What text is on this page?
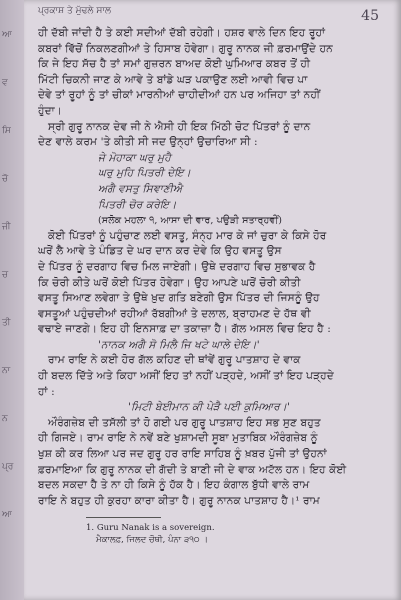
ਆ
ਵ
ਸਿ
ਚੋ
ਜੀ
ਚ
ਤੀ
ਨਾ
ਨ
ਪ੍ਰ
ਆ
ਪ੍ਰਕਾਸ਼ ਤੇ ਮੁੱਢਲੇ ਸਾਲ	45
ਹੀ ਦੱਬੀ ਜਾਂਦੀ ਹੈ ਤੇ ਕਈ ਸਦੀਆਂ ਦੱਬੀ ਰਹੇਗੀ। ਹਸ਼ਰ ਵਾਲੇ ਦਿਨ ਇਹ ਰੂਹਾਂ
ਕਬਰਾਂ ਵਿੱਚੋਂ ਨਿਕਲਣਗੀਆਂ ਤੇ ਹਿਸਾਬ ਹੋਵੇਗਾ। ਗੁਰੂ ਨਾਨਕ ਜੀ ਫ਼ਰਮਾਉਂਦੇ ਹਨ
ਕਿ ਜੇ ਇਹ ਸੱਚ ਹੈ ਤਾਂ ਸਮਾਂ ਗੁਜ਼ਰਨ ਬਾਅਦ ਕੋਈ ਘੁਮਿਆਰ ਕਬਰ ਤੋਂ ਹੀ
ਮਿੱਟੀ ਚਿਕਨੀ ਜਾਣ ਕੇ ਆਵੇ ਤੇ ਬਾਂਡੇ ਘੜ ਪਕਾਉਣ ਲਈ ਆਵੀ ਵਿਚ ਪਾ
ਦੇਵੇ ਤਾਂ ਰੂਹਾਂ ਨੂੰ ਤਾਂ ਚੀਕਾਂ ਮਾਰਨੀਆਂ ਚਾਹੀਦੀਆਂ ਹਨ ਪਰ ਅਜਿਹਾ ਤਾਂ ਨਹੀਂ
ਹੁੰਦਾ।
ਸ੍ਰੀ ਗੁਰੂ ਨਾਨਕ ਦੇਵ ਜੀ ਨੇ ਐਸੀ ਹੀ ਇਕ ਮਿੱਠੀ ਚੋਟ ਪਿੱਤਰਾਂ ਨੂੰ ਦਾਨ
ਦੇਣ ਵਾਲੇ ਕਰਮ 'ਤੇ ਕੀਤੀ ਸੀ ਜਦ ਉਨ੍ਹਾਂ ਉਚਾਰਿਆ ਸੀ :
ਜੇ ਮੋਹਾਕਾ ਘਰੁ ਮੁਹੈ
ਘਰੁ ਮੁਹਿ ਪਿਤਰੀ ਦੇਇ।
ਅਗੈ ਵਸਤੁ ਸਿਞਾਣੀਐ
ਪਿਤਰੀ ਚੋਰ ਕਰੇਇ।
(ਸਲੋਕ ਮਹਲਾ ੧, ਆਸਾ ਦੀ ਵਾਰ, ਪਉੜੀ ਸਤਾਰ੍ਹਵੀਂ)
ਕੋਈ ਪਿੱਤਰਾਂ ਨੂੰ ਪਹੁੰਚਾਣ ਲਈ ਵਸਤੂ, ਸੰਨ੍ਹ ਮਾਰ ਕੇ ਜਾਂ ਚੁਰਾ ਕੇ ਕਿਸੇ ਹੋਰ
ਘਰੋਂ ਲੈ ਆਵੇ ਤੇ ਪੰਡਿਤ ਦੇ ਘਰ ਦਾਨ ਕਰ ਦੇਵੇ ਕਿ ਉਹ ਵਸਤੂ ਉਸ
ਦੇ ਪਿੱਤਰ ਨੂੰ ਦਰਗਾਹ ਵਿਚ ਮਿਲ ਜਾਏਗੀ। ਉਥੇ ਦਰਗਾਹ ਵਿਚ ਸੁਭਾਵਕ ਹੈ
ਕਿ ਚੋਰੀ ਕੀਤੇ ਘਰੋਂ ਕੋਈ ਪਿੱਤਰ ਹੋਵੇਗਾ। ਉਹ ਆਪਣੇ ਘਰੋਂ ਚੋਰੀ ਕੀਤੀ
ਵਸਤੂ ਸਿਆਣ ਲਵੇਗਾ ਤੇ ਉਥੇ ਖ਼ੁਦ ਗਤਿ ਬਣੇਗੀ ਉਸ ਪਿੱਤਰ ਦੀ ਜਿਸਨੂੰ ਉਹ
ਵਸਤੂਆਂ ਪਹੁੰਚਦੀਆਂ ਰਹੀਆਂ ਰੱਬਗੀਆਂ ਤੇ ਦਲਾਲ, ਬ੍ਰਾਹਮਣ ਦੇ ਹੱਥ ਵੀ
ਵਢਾਏ ਜਾਣਗੇ। ਇਹ ਹੀ ਇਨਸਾਫ਼ ਦਾ ਤਕਾਜ਼ਾ ਹੈ। ਗੱਲ ਅਸਲ ਵਿਚ ਇਹ ਹੈ :
'ਨਾਨਕ ਅਗੈ ਸੋ ਮਿਲੈ ਜਿ ਖਟੇ ਘਾਲੇ ਦੇਇ।'
ਰਾਮ ਰਾਇ ਨੇ ਕਈ ਹੋਰ ਗੱਲ ਕਹਿਣ ਦੀ ਥਾਂਵੇਂ ਗੁਰੂ ਪਾਤਸ਼ਾਹ ਦੇ ਵਾਕ
ਹੀ ਬਦਲ ਦਿੱਤੇ ਅਤੇ ਕਿਹਾ ਅਸੀਂ ਇਹ ਤਾਂ ਨਹੀਂ ਪੜ੍ਹਦੇ, ਅਸੀਂ ਤਾਂ ਇਹ ਪੜ੍ਹਦੇ
ਹਾਂ :
'ਮਿਟੀ ਬੇਈਮਾਨ ਕੀ ਪੇੜੈ ਪਈ ਕੁਮਿਆਰ।'
ਔਰੰਗਜ਼ੇਬ ਦੀ ਤਸੱਲੀ ਤਾਂ ਹੋ ਗਈ ਪਰ ਗੁਰੂ ਪਾਤਸ਼ਾਹ ਇਹ ਸਭ ਸੁਣ ਬਹੁਤ
ਹੀ ਗਿਜਏ। ਰਾਮ ਰਾਇ ਨੇ ਨਵੇਂ ਬਣੇ ਖੁਸ਼ਾਮਦੀ ਸੂਬਾ ਮੁਤਾਬਿਕ ਔਰੰਗਜ਼ੇਬ ਨੂੰ
ਖੁਸ਼ ਕੀ ਕਰ ਲਿਆ ਪਰ ਜਦ ਗੁਰੂ ਹਰ ਰਾਇ ਸਾਹਿਬ ਨੂੰ ਖ਼ਬਰ ਪੁੱਜੀ ਤਾਂ ਉਹਨਾਂ
ਫ਼ਰਮਾਇਆ ਕਿ ਗੁਰੂ ਨਾਨਕ ਦੀ ਗੱਦੀ ਤੇ ਬਾਣੀ ਜੀ ਦੇ ਵਾਕ ਅਟੱਲ ਹਨ। ਇਹ ਕੋਈ
ਬਦਲ ਸਕਦਾ ਹੈ ਤੇ ਨਾ ਹੀ ਕਿਸੇ ਨੂੰ ਹੱਕ ਹੈ। ਇਹ ਕੰਗਾਲ ਬੁੱਧੀ ਵਾਲੇ ਰਾਮ
ਰਾਇ ਨੇ ਬਹੁਤ ਹੀ ਕੁਰਹਾ ਕਾਰਾ ਕੀਤਾ ਹੈ। ਗੁਰੂ ਨਾਨਕ ਪਾਤਸ਼ਾਹ ਹੈ।¹ ਰਾਮ
1. Guru Nanak is a sovereign.
ਮੈਕਾਲਫ਼, ਜਿਲਦ ਚੌਥੀ, ਪੰਨਾ ੩੧੦ ।
